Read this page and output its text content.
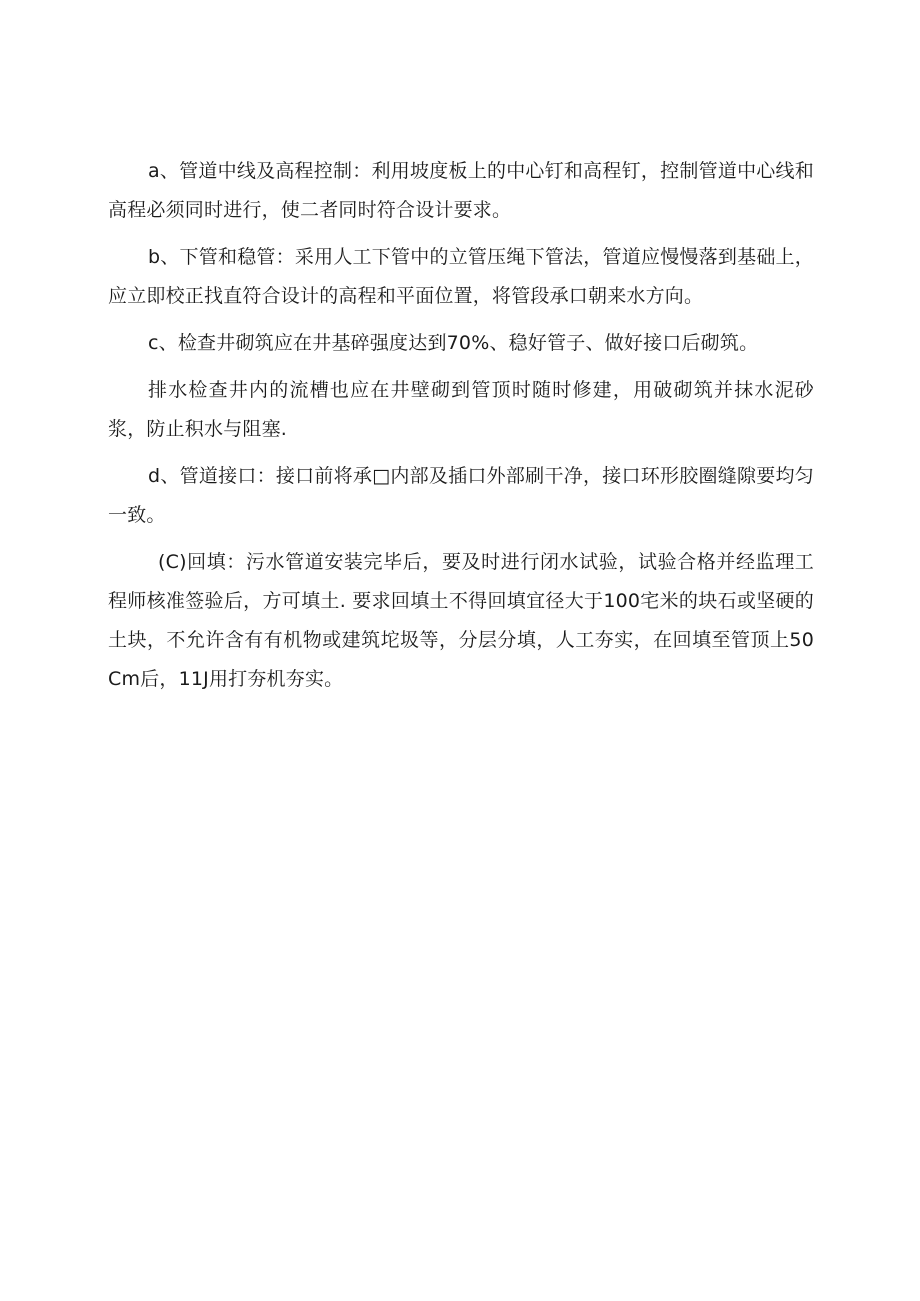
a、管道中线及高程控制：利用坡度板上的中心钉和高程钉，控制管道中心线和高程必须同时进行，使二者同时符合设计要求。

b、下管和稳管：采用人工下管中的立管压绳下管法，管道应慢慢落到基础上，应立即校正找直符合设计的高程和平面位置，将管段承口朝来水方向。

c、检查井砌筑应在井基碎强度达到70%、稳好管子、做好接口后砌筑。

排水检查井内的流槽也应在井壁砌到管顶时随时修建，用破砌筑并抹水泥砂浆，防止积水与阻塞.

d、管道接口：接口前将承□内部及插口外部刷干净，接口环形胶圈缝隙要均匀一致。

(C)回填：污水管道安装完毕后，要及时进行闭水试验，试验合格并经监理工程师核准签验后，方可填土. 要求回填土不得回填宜径大于100宅米的块石或坚硬的土块，不允许含有有机物或建筑坨圾等，分层分填，人工夯实，在回填至管顶上50Cm后，11J用打夯机夯实。
